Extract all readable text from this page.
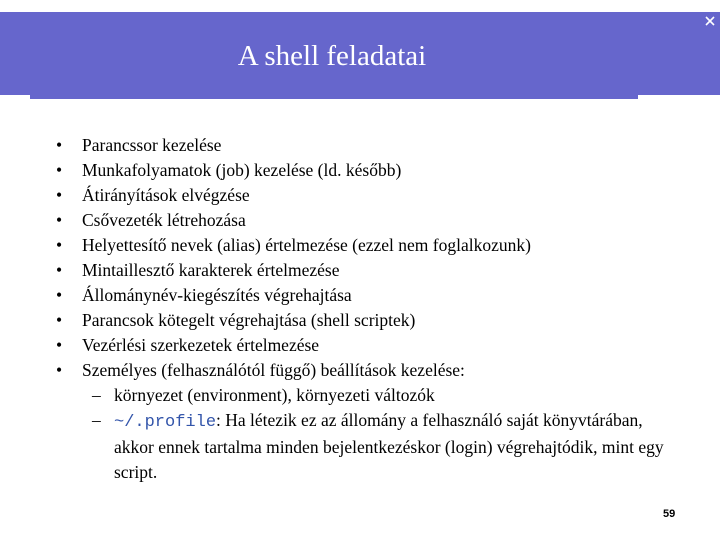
A shell feladatai
• Parancssor kezelése
• Munkafolyamatok (job) kezelése (ld. később)
• Átirányítások elvégzése
• Csővezeték létrehozása
• Helyettesítő nevek (alias) értelmezése (ezzel nem foglalkozunk)
• Mintaillesztő karakterek értelmezése
• Állománynév-kiegészítés végrehajtása
• Parancsok kötegelt végrehajtása (shell scriptek)
• Vezérlési szerkezetek értelmezése
• Személyes (felhasználótól függő) beállítások kezelése:
– környezet (environment), környezeti változók
– ~/.profile: Ha létezik ez az állomány a felhasználó saját könyvtárában, akkor ennek tartalma minden bejelentkezéskor (login) végrehajtódik, mint egy script.
59
